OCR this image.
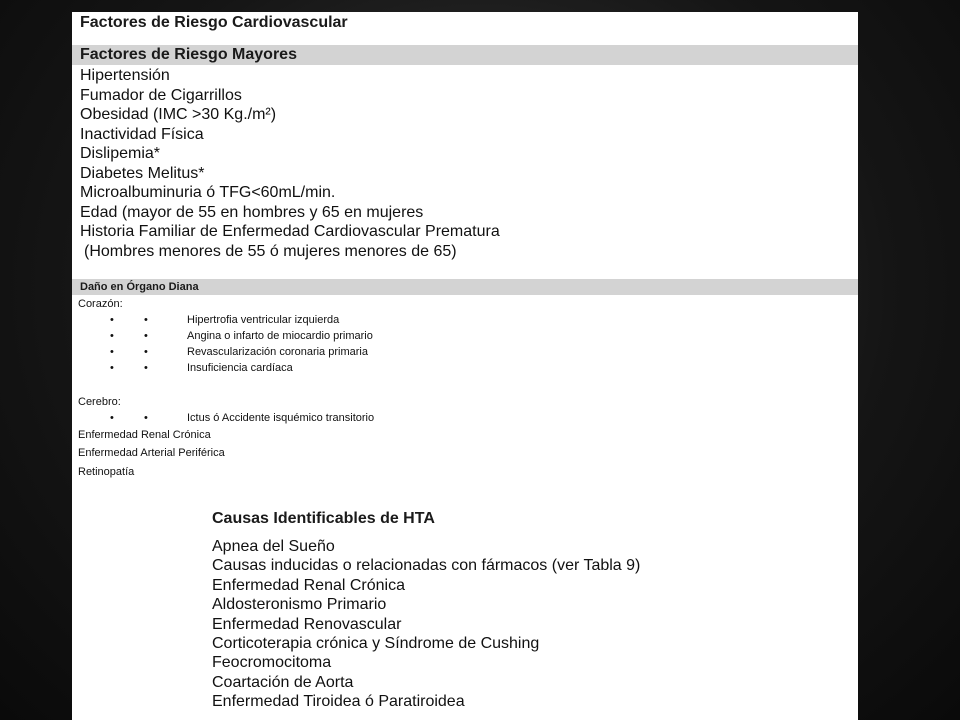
Factores de Riesgo Cardiovascular
Factores de Riesgo Mayores
Hipertensión
Fumador de Cigarrillos
Obesidad (IMC >30 Kg./m²)
Inactividad Física
Dislipemia*
Diabetes Melitus*
Microalbuminuria ó TFG<60mL/min.
Edad (mayor de 55 en hombres y 65 en mujeres
Historia Familiar de Enfermedad Cardiovascular Prematura
(Hombres menores de 55 ó mujeres menores de 65)
Daño en Órgano Diana
Corazón:
•	•	Hipertrofia ventricular izquierda
•	•	Angina o infarto de miocardio primario
•	•	Revascularización coronaria primaria
•	•	Insuficiencia cardíaca
Cerebro:
•	•	Ictus ó Accidente isquémico transitorio
Enfermedad Renal Crónica
Enfermedad Arterial Periférica
Retinopatía
Causas Identificables de HTA
Apnea del Sueño
Causas inducidas o relacionadas con fármacos (ver Tabla 9)
Enfermedad Renal Crónica
Aldosteronismo Primario
Enfermedad Renovascular
Corticoterapia crónica y Síndrome de Cushing
Feocromocitoma
Coartación de Aorta
Enfermedad Tiroidea ó Paratiroidea
